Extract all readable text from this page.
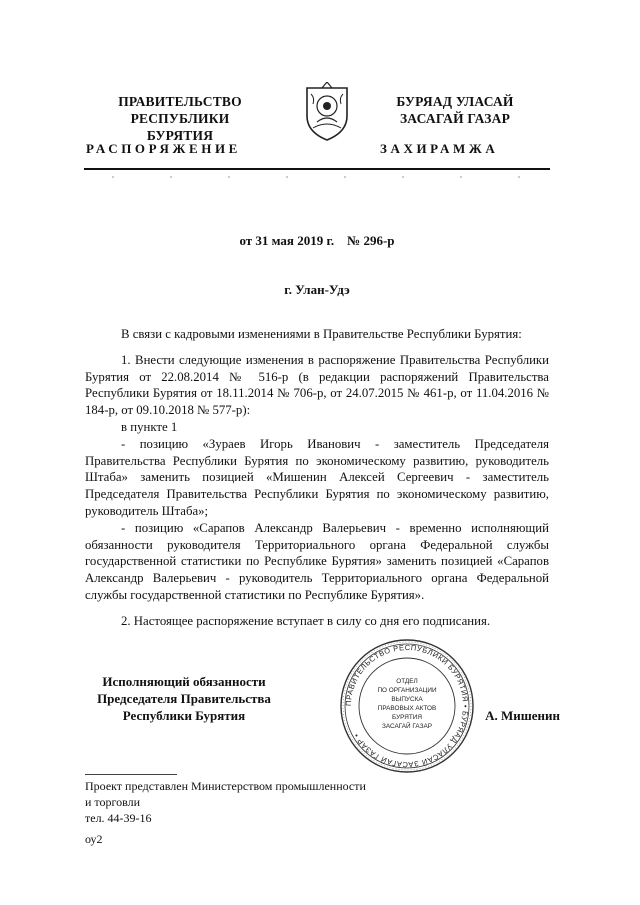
ПРАВИТЕЛЬСТВО
РЕСПУБЛИКИ БУРЯТИЯ
БУРЯАД УЛАСАЙ
ЗАСАГАЙ ГАЗАР
РАСПОРЯЖЕНИЕ	ЗАХИРАМЖА
от 31 мая 2019 г.    № 296-р
г. Улан-Удэ

В связи с кадровыми изменениями в Правительстве Республики Бурятия:

1. Внести следующие изменения в распоряжение Правительства Республики Бурятия от 22.08.2014 № 516-р (в редакции распоряжений Правительства Республики Бурятия от 18.11.2014 № 706-р, от 24.07.2015 № 461-р, от 11.04.2016 № 184-р, от 09.10.2018 № 577-р):

в пункте 1

- позицию «Зураев Игорь Иванович - заместитель Председателя Правительства Республики Бурятия по экономическому развитию, руководитель Штаба» заменить позицией «Мишенин Алексей Сергеевич - заместитель Председателя Правительства Республики Бурятия по экономическому развитию, руководитель Штаба»;

- позицию «Сарапов Александр Валерьевич - временно исполняющий обязанности руководителя Территориального органа Федеральной службы государственной статистики по Республике Бурятия» заменить позицией «Сарапов Александр Валерьевич - руководитель Территориального органа Федеральной службы государственной статистики по Республике Бурятия».

2. Настоящее распоряжение вступает в силу со дня его подписания.

Исполняющий обязанности
Председателя Правительства
Республики Бурятия
ПРАВИТЕЛЬСТВО РЕСПУБЛИКИ БУРЯТИЯ • БУРЯАД УЛАСАЙ ЗАСАГАЙ ГАЗАР •
ОТДЕЛ
ПО ОРГАНИЗАЦИИ
ВЫПУСКА
ПРАВОВЫХ АКТОВ
БУРЯТИЯ
ЗАСАГАЙ ГАЗАР
А. Мишенин
Проект представлен Министерством промышленности
и торговли
тел. 44-39-16
оу2
